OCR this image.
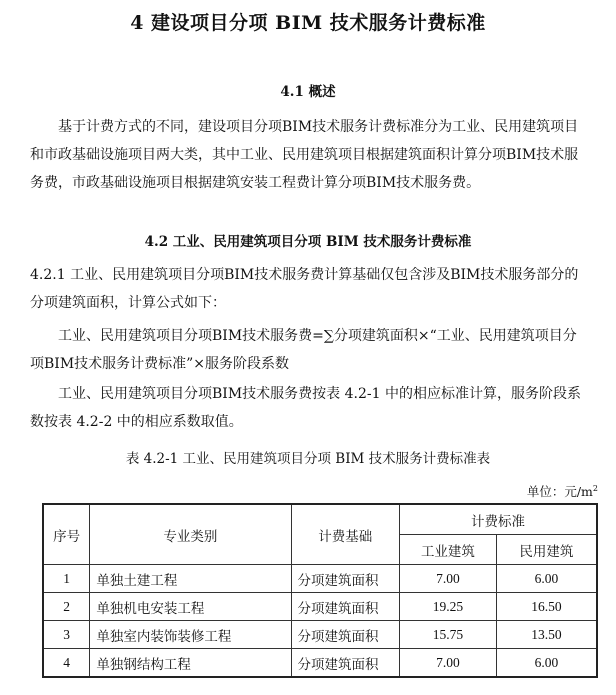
4 建设项目分项 BIM 技术服务计费标准
4.1 概述

基于计费方式的不同，建设项目分项BIM技术服务计费标准分为工业、民用建筑项目和市政基础设施项目两大类，其中工业、民用建筑项目根据建筑面积计算分项BIM技术服务费，市政基础设施项目根据建筑安装工程费计算分项BIM技术服务费。

4.2 工业、民用建筑项目分项 BIM 技术服务计费标准

4.2.1 工业、民用建筑项目分项BIM技术服务费计算基础仅包含涉及BIM技术服务部分的分项建筑面积，计算公式如下：

工业、民用建筑项目分项BIM技术服务费=∑分项建筑面积×“工业、民用建筑项目分项BIM技术服务计费标准”×服务阶段系数

工业、民用建筑项目分项BIM技术服务费按表 4.2-1 中的相应标准计算，服务阶段系数按表 4.2-2 中的相应系数取值。

表 4.2-1 工业、民用建筑项目分项 BIM 技术服务计费标准表
单位：元$/m^2$
序号	专业类别	计费基础	计费标准	
			工业建筑	民用建筑
1	单独土建工程	分项建筑面积	7.00	6.00
2	单独机电安装工程	分项建筑面积	19.25	16.50
3	单独室内装饰装修工程	分项建筑面积	15.75	13.50
4	单独钢结构工程	分项建筑面积	7.00	6.00
